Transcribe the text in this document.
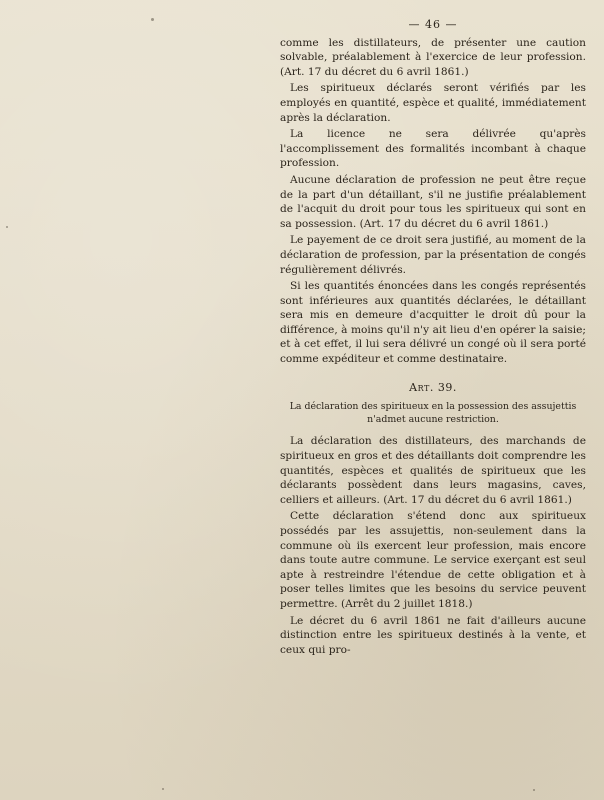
— 46 —

comme les distillateurs, de présenter une caution solvable, préalablement à l'exercice de leur profession. (Art. 17 du décret du 6 avril 1861.)

Les spiritueux déclarés seront vérifiés par les employés en quantité, espèce et qualité, immédiatement après la déclaration.

La licence ne sera délivrée qu'après l'accomplissement des formalités incombant à chaque profession.

Aucune déclaration de profession ne peut être reçue de la part d'un détaillant, s'il ne justifie préalablement de l'acquit du droit pour tous les spiritueux qui sont en sa possession. (Art. 17 du décret du 6 avril 1861.)

Le payement de ce droit sera justifié, au moment de la déclaration de profession, par la présentation de congés régulièrement délivrés.

Si les quantités énoncées dans les congés représentés sont inférieures aux quantités déclarées, le détaillant sera mis en demeure d'acquitter le droit dû pour la différence, à moins qu'il n'y ait lieu d'en opérer la saisie; et à cet effet, il lui sera délivré un congé où il sera porté comme expéditeur et comme destinataire.

Art. 39.
La déclaration des spiritueux en la possession des assujettis n'admet aucune restriction.

La déclaration des distillateurs, des marchands de spiritueux en gros et des détaillants doit comprendre les quantités, espèces et qualités de spiritueux que les déclarants possèdent dans leurs magasins, caves, celliers et ailleurs. (Art. 17 du décret du 6 avril 1861.)

Cette déclaration s'étend donc aux spiritueux possédés par les assujettis, non-seulement dans la commune où ils exercent leur profession, mais encore dans toute autre commune. Le service exerçant est seul apte à restreindre l'étendue de cette obligation et à poser telles limites que les besoins du service peuvent permettre. (Arrêt du 2 juillet 1818.)

Le décret du 6 avril 1861 ne fait d'ailleurs aucune distinction entre les spiritueux destinés à la vente, et ceux qui pro-
